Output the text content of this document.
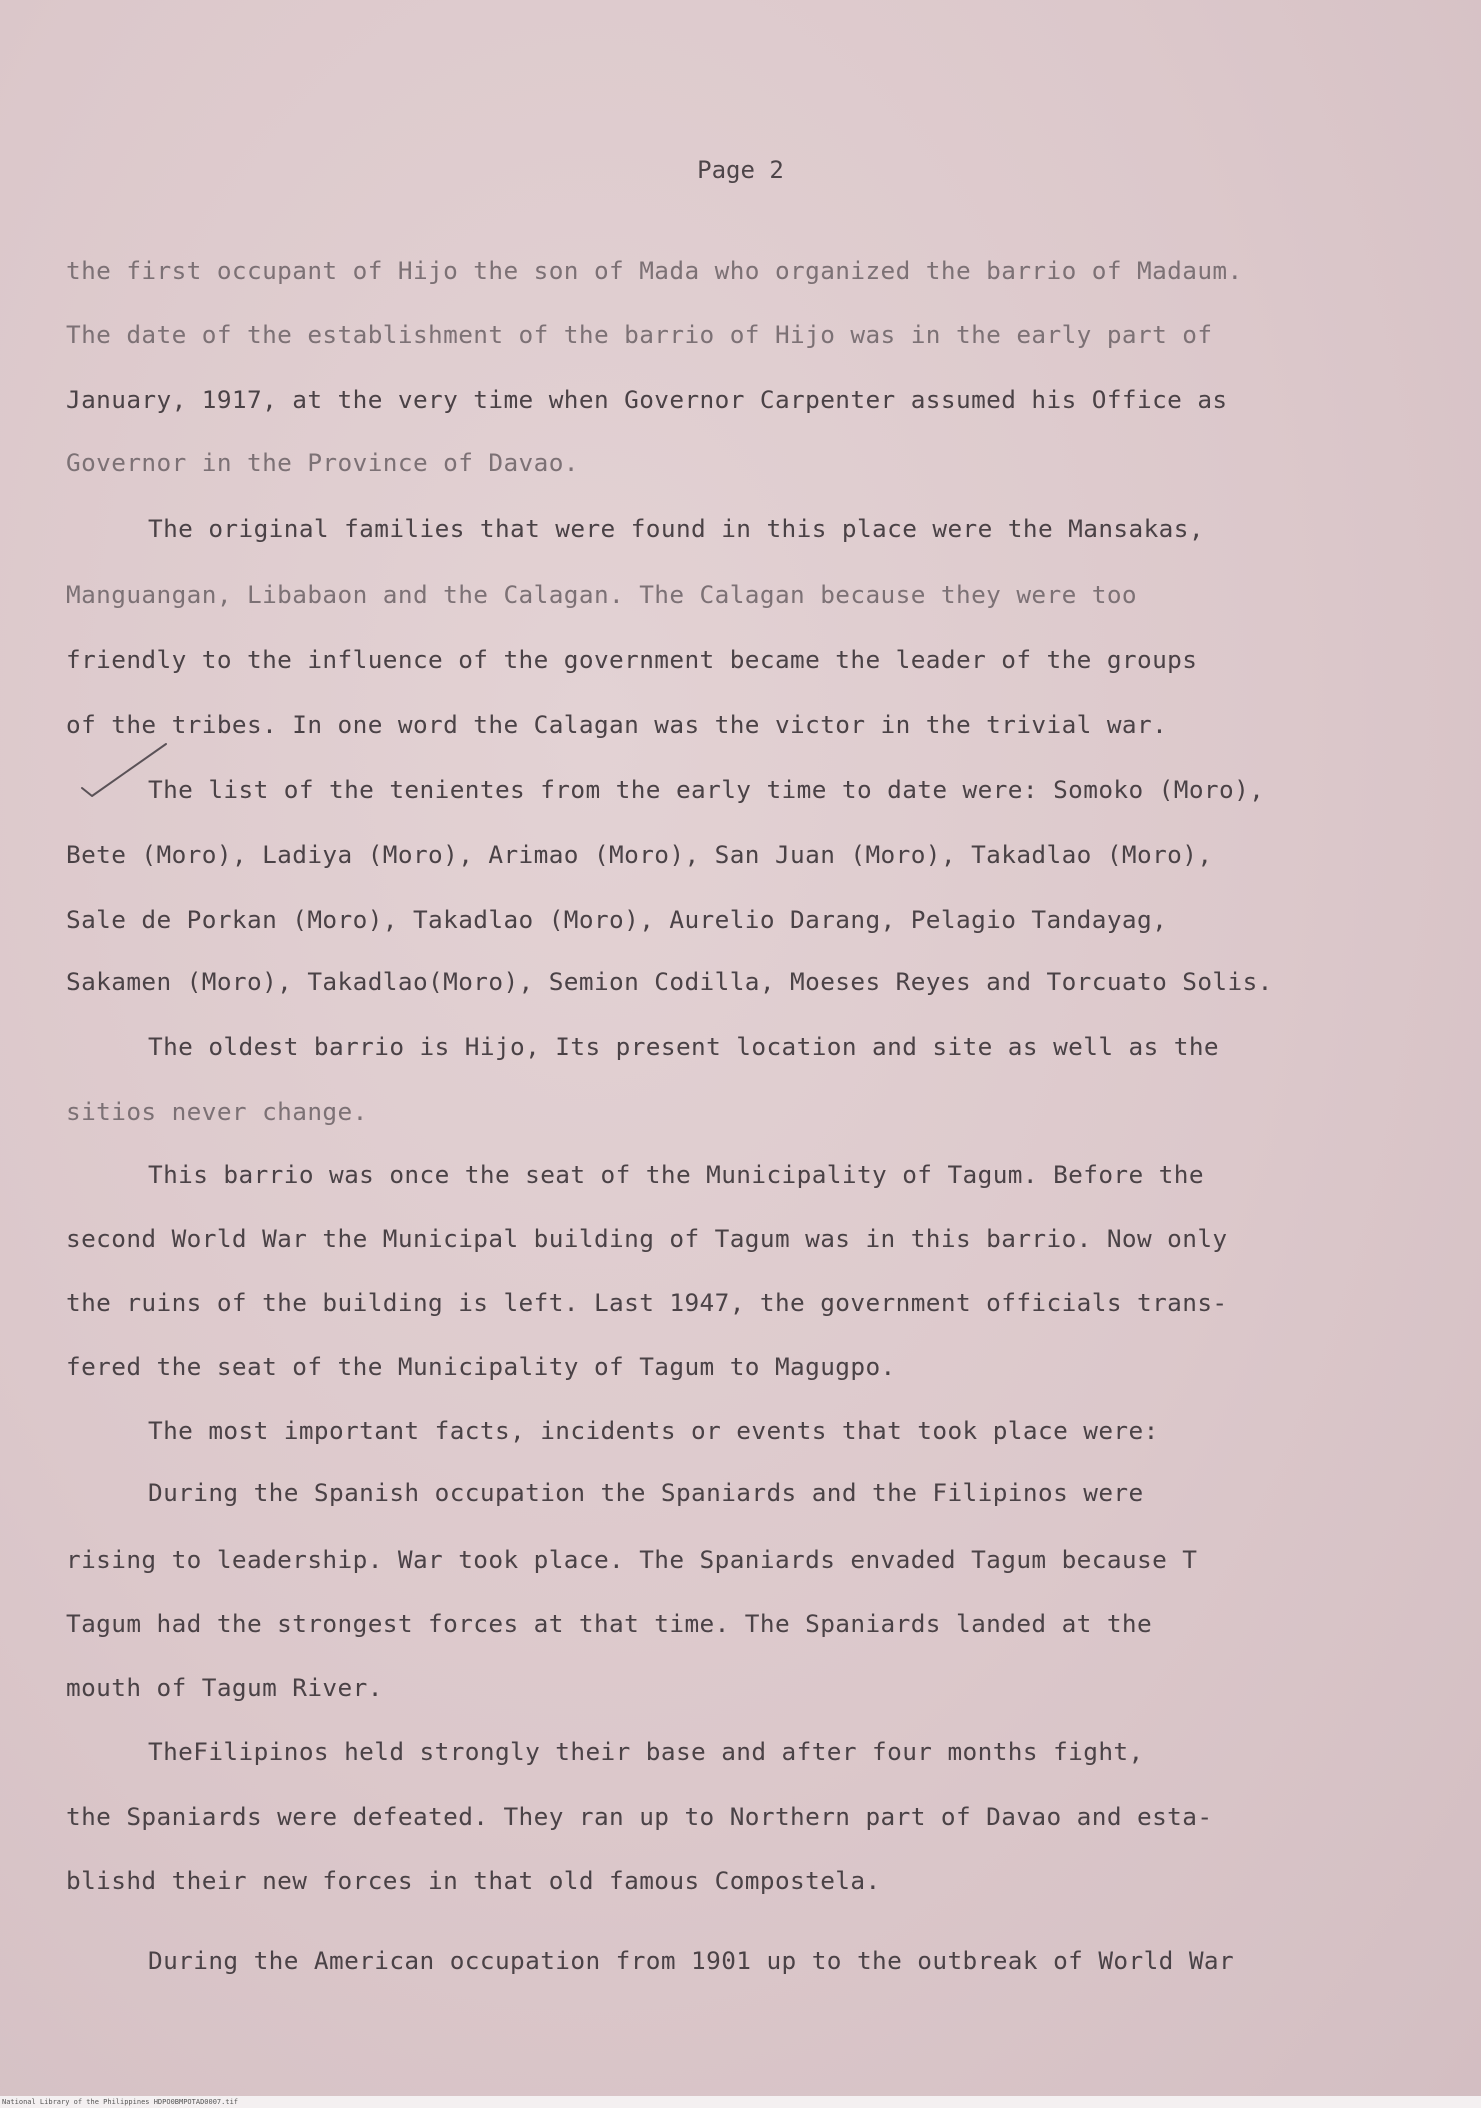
Page 2
the first occupant of Hijo the son of Mada who organized the barrio of Madaum.
The date of the establishment of the barrio of Hijo was in the early part of
January, 1917, at the very time when Governor Carpenter assumed his Office as
Governor in the Province of Davao.
The original families that were found in this place were the Mansakas,
Manguangan, Libabaon and the Calagan. The Calagan because they were too
friendly to the influence of the government became the leader of the groups
of the tribes. In one word the Calagan was the victor in the trivial war.
The list of the tenientes from the early time to date were: Somoko (Moro),
Bete (Moro), Ladiya (Moro), Arimao (Moro), San Juan (Moro), Takadlao (Moro),
Sale de Porkan (Moro), Takadlao (Moro), Aurelio Darang, Pelagio Tandayag,
Sakamen (Moro), Takadlao(Moro), Semion Codilla, Moeses Reyes and Torcuato Solis.
The oldest barrio is Hijo, Its present location and site as well as the
sitios never change.
This barrio was once the seat of the Municipality of Tagum. Before the
second World War the Municipal building of Tagum was in this barrio. Now only
the ruins of the building is left. Last 1947, the government officials trans-
fered the seat of the Municipality of Tagum to Magugpo.
The most important facts, incidents or events that took place were:
During the Spanish occupation the Spaniards and the Filipinos were
rising to leadership. War took place. The Spaniards envaded Tagum because T
Tagum had the strongest forces at that time. The Spaniards landed at the
mouth of Tagum River.
TheFilipinos held strongly their base and after four months fight,
the Spaniards were defeated. They ran up to Northern part of Davao and esta-
blishd their new forces in that old famous Compostela.
During the American occupation from 1901 up to the outbreak of World War
National Library of the Philippines HDPO0BMPOTAD0007.tif
